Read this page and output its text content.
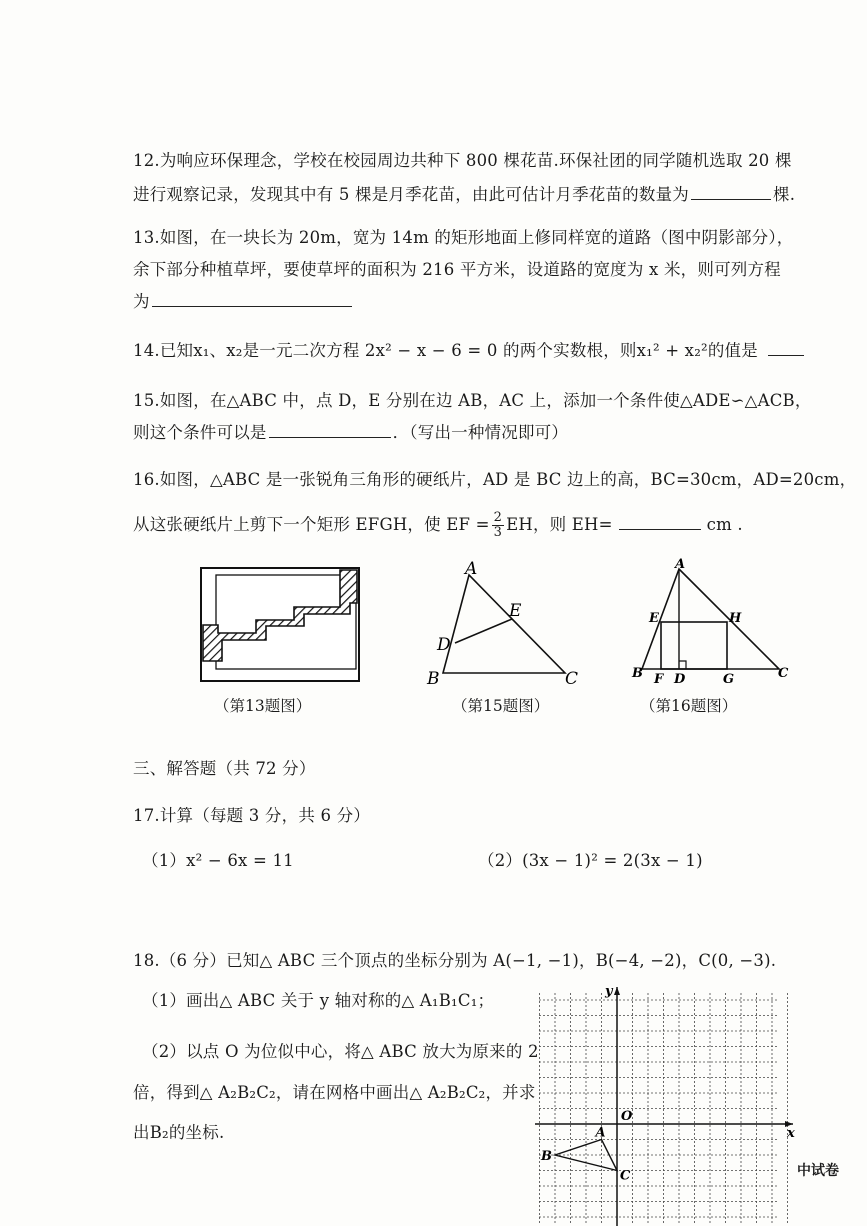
12.为响应环保理念，学校在校园周边共种下 800 棵花苗.环保社团的同学随机选取 20 棵
进行观察记录，发现其中有 5 棵是月季花苗，由此可估计月季花苗的数量为	棵.
13.如图，在一块长为 20m，宽为 14m 的矩形地面上修同样宽的道路（图中阴影部分），
余下部分种植草坪，要使草坪的面积为 216 平方米，设道路的宽度为 x 米，则可列方程
为
14.已知x₁、x₂是一元二次方程 2x² − x − 6 = 0 的两个实数根，则x₁² + x₂²的值是
15.如图，在△ABC 中，点 D，E 分别在边 AB，AC 上，添加一个条件使△ADE∽△ACB，
则这个条件可以是	．（写出一种情况即可）
16.如图，△ABC 是一张锐角三角形的硬纸片，AD 是 BC 边上的高，BC=30cm，AD=20cm，
从这张硬纸片上剪下一个矩形 EFGH，使 EF = $\frac{2}{3}$ EH，则 EH=	cm .
（第13题图）
A
B	C
D
E
（第15题图）
A
E	H
B F D	G	C
（第16题图）
三、解答题（共 72 分）
17.计算（每题 3 分，共 6 分）
（1）x² − 6x = 11	（2）(3x − 1)² = 2(3x − 1)
18.（6 分）已知△ ABC 三个顶点的坐标分别为 A(−1, −1)，B(−4, −2)，C(0, −3).
（1）画出△ ABC 关于 y 轴对称的△ A₁B₁C₁；
（2）以点 O 为位似中心，将△ ABC 放大为原来的 2
倍，得到△ A₂B₂C₂，请在网格中画出△ A₂B₂C₂，并求
出B₂的坐标.
y
x
O
A
B
C	中试卷
